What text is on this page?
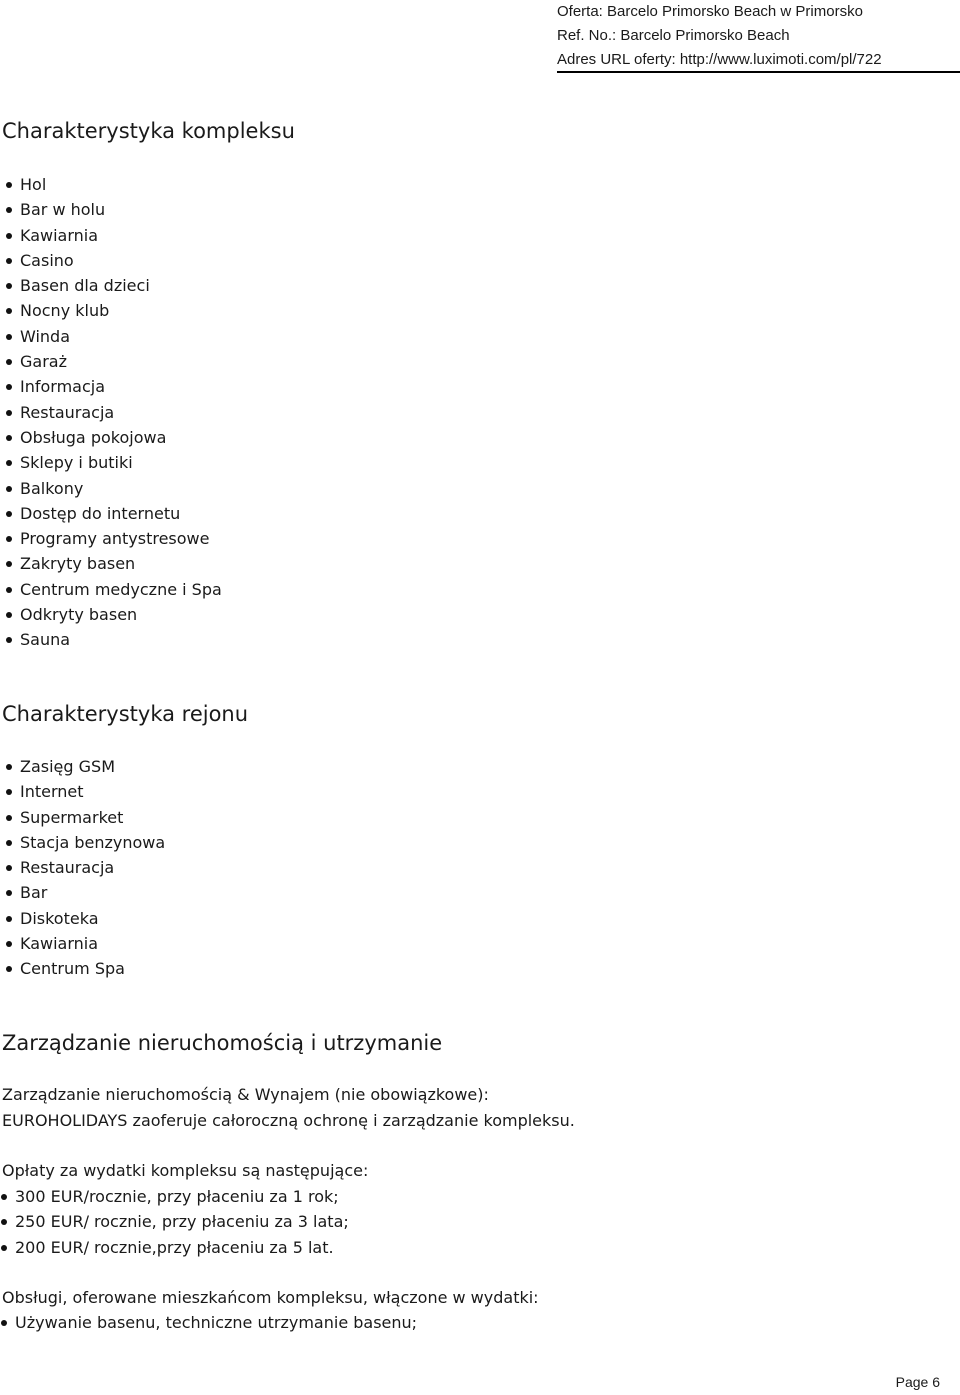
Oferta: Barcelo Primorsko Beach w Primorsko
Ref. No.: Barcelo Primorsko Beach
Adres URL oferty: http://www.luximoti.com/pl/722
Charakterystyka kompleksu
Hol
Bar w holu
Kawiarnia
Casino
Basen dla dzieci
Nocny klub
Winda
Garaż
Informacja
Restauracja
Obsługa pokojowa
Sklepy i butiki
Balkony
Dostęp do internetu
Programy antystresowe
Zakryty basen
Centrum medyczne i Spa
Odkryty basen
Sauna
Charakterystyka rejonu
Zasięg GSM
Internet
Supermarket
Stacja benzynowa
Restauracja
Bar
Diskoteka
Kawiarnia
Centrum Spa
Zarządzanie nieruchomością i utrzymanie

Zarządzanie nieruchomością & Wynajem (nie obowiązkowe):

EUROHOLIDAYS zaoferuje całoroczną ochronę i zarządzanie kompleksu.

Opłaty za wydatki kompleksu są następujące:

300 EUR/rocznie, przy płaceniu za 1 rok;
250 EUR/ rocznie, przy płaceniu za 3 lata;
200 EUR/ rocznie,przy płaceniu za 5 lat.

Obsługi, oferowane mieszkańcom kompleksu, włączone w wydatki:

Używanie basenu, techniczne utrzymanie basenu;
Page 6
